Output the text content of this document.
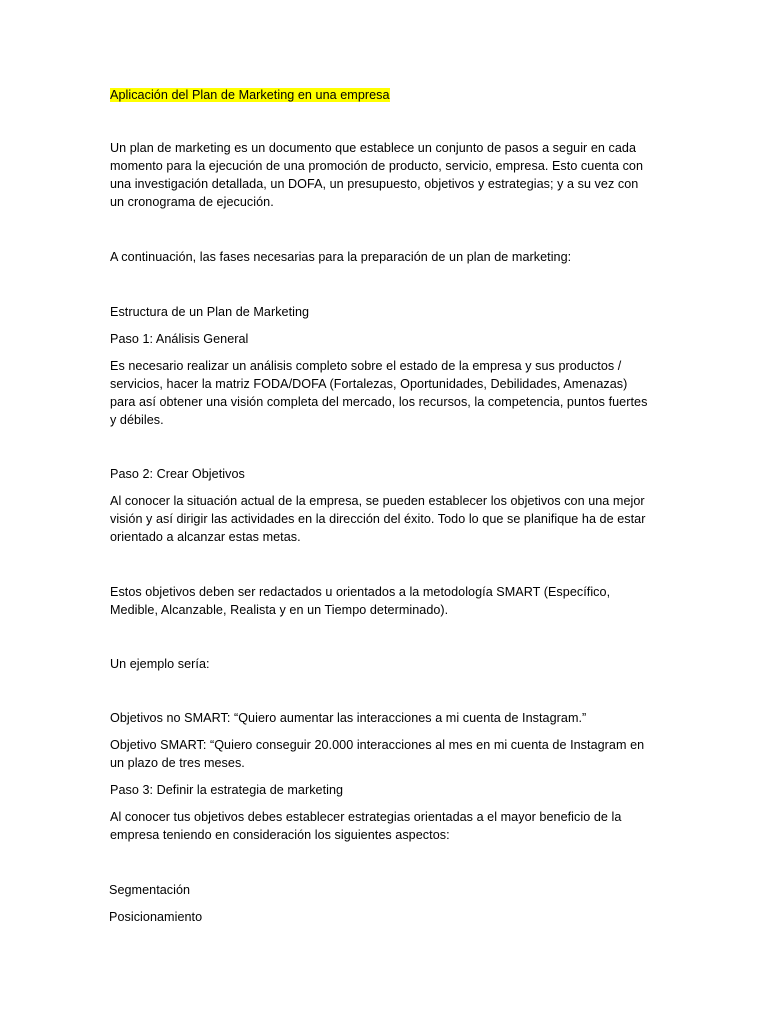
Aplicación del Plan de Marketing en una empresa
Un plan de marketing es un documento que establece un conjunto de pasos a seguir en cada momento para la ejecución de una promoción de producto, servicio, empresa. Esto cuenta con una investigación detallada, un DOFA, un presupuesto, objetivos y estrategias; y a su vez con un cronograma de ejecución.
A continuación, las fases necesarias para la preparación de un plan de marketing:
Estructura de un Plan de Marketing
Paso 1: Análisis General
Es necesario realizar un análisis completo sobre el estado de la empresa y sus productos / servicios, hacer la matriz FODA/DOFA (Fortalezas, Oportunidades, Debilidades, Amenazas) para así obtener una visión completa del mercado, los recursos, la competencia, puntos fuertes y débiles.
Paso 2: Crear Objetivos
Al conocer la situación actual de la empresa, se pueden establecer los objetivos con una mejor visión y así dirigir las actividades en la dirección del éxito. Todo lo que se planifique ha de estar orientado a alcanzar estas metas.
Estos objetivos deben ser redactados u orientados a la metodología SMART (Específico, Medible, Alcanzable, Realista y en un Tiempo determinado).
Un ejemplo sería:
Objetivos no SMART: “Quiero aumentar las interacciones a mi cuenta de Instagram.”
Objetivo SMART: “Quiero conseguir 20.000 interacciones al mes en mi cuenta de Instagram en un plazo de tres meses.
Paso 3: Definir la estrategia de marketing
Al conocer tus objetivos debes establecer estrategias orientadas a el mayor beneficio de la empresa teniendo en consideración los siguientes aspectos:
Segmentación
Posicionamiento
